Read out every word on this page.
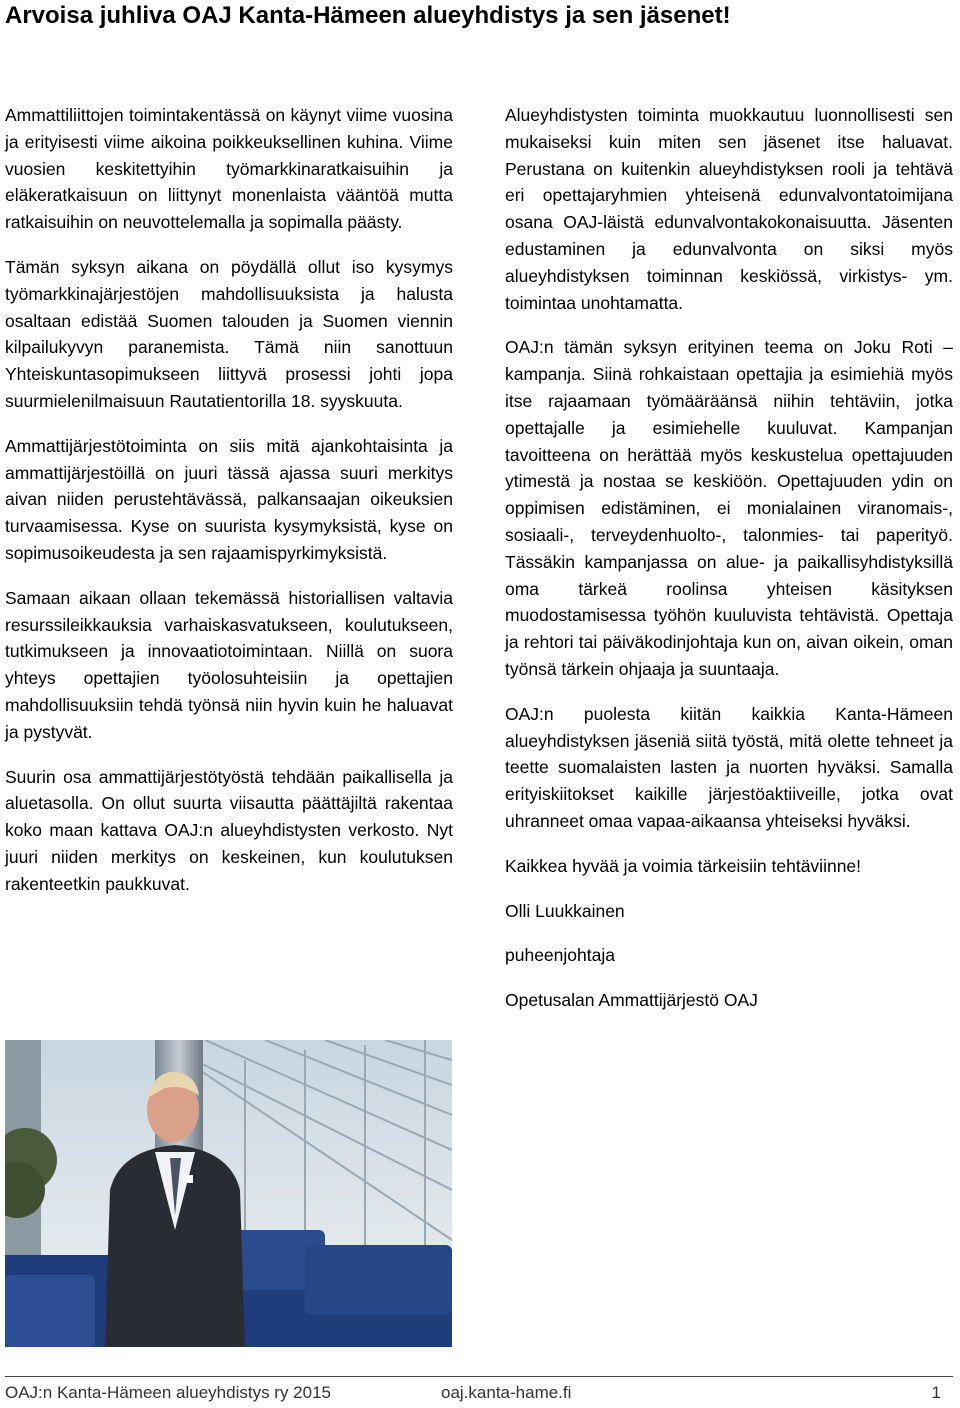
Arvoisa juhliva OAJ Kanta-Hämeen alueyhdistys ja sen jäsenet!

Ammattiliittojen toimintakentässä on käynyt viime vuosina ja erityisesti viime aikoina poikkeuksellinen kuhina. Viime vuosien keskitettyihin työmarkkinaratkaisuihin ja eläkeratkaisuun on liittynyt monenlaista vääntöä mutta ratkaisuihin on neuvottelemalla ja sopimalla päästy.

Tämän syksyn aikana on pöydällä ollut iso kysymys työmarkkinajärjestöjen mahdollisuuksista ja halusta osaltaan edistää Suomen talouden ja Suomen viennin kilpailukyvyn paranemista. Tämä niin sanottuun Yhteiskuntasopimukseen liittyvä prosessi johti jopa suurmielenilmaisuun Rautatientorilla 18. syyskuuta.

Ammattijärjestötoiminta on siis mitä ajankohtaisinta ja ammattijärjestöillä on juuri tässä ajassa suuri merkitys aivan niiden perustehtävässä, palkansaajan oikeuksien turvaamisessa. Kyse on suurista kysymyksistä, kyse on sopimusoikeudesta ja sen rajaamispyrkimyksistä.

Samaan aikaan ollaan tekemässä historiallisen valtavia resurssileikkauksia varhaiskasvatukseen, koulutukseen, tutkimukseen ja innovaatiotoimintaan. Niillä on suora yhteys opettajien työolosuhteisiin ja opettajien mahdollisuuksiin tehdä työnsä niin hyvin kuin he haluavat ja pystyvät.

Suurin osa ammattijärjestötyöstä tehdään paikallisella ja aluetasolla. On ollut suurta viisautta päättäjiltä rakentaa koko maan kattava OAJ:n alueyhdistysten verkosto. Nyt juuri niiden merkitys on keskeinen, kun koulutuksen rakenteetkin paukkuvat.

Alueyhdistysten toiminta muokkautuu luonnollisesti sen mukaiseksi kuin miten sen jäsenet itse haluavat. Perustana on kuitenkin alueyhdistyksen rooli ja tehtävä eri opettajaryhmien yhteisenä edunvalvontatoimijana osana OAJ-läistä edunvalvontakokonaisuutta. Jäsenten edustaminen ja edunvalvonta on siksi myös alueyhdistyksen toiminnan keskiössä, virkistys- ym. toimintaa unohtamatta.

OAJ:n tämän syksyn erityinen teema on Joku Roti –kampanja. Siinä rohkaistaan opettajia ja esimiehiä myös itse rajaamaan työmääräänsä niihin tehtäviin, jotka opettajalle ja esimiehelle kuuluvat. Kampanjan tavoitteena on herättää myös keskustelua opettajuuden ytimestä ja nostaa se keskiöön. Opettajuuden ydin on oppimisen edistäminen, ei monialainen viranomais-, sosiaali-, terveydenhuolto-, talonmies- tai paperityö. Tässäkin kampanjassa on alue- ja paikallisyhdistyksillä oma tärkeä roolinsa yhteisen käsityksen muodostamisessa työhön kuuluvista tehtävistä. Opettaja ja rehtori tai päiväkodinjohtaja kun on, aivan oikein, oman työnsä tärkein ohjaaja ja suuntaaja.

OAJ:n puolesta kiitän kaikkia Kanta-Hämeen alueyhdistyksen jäseniä siitä työstä, mitä olette tehneet ja teette suomalaisten lasten ja nuorten hyväksi. Samalla erityiskiitokset kaikille järjestöaktiiveille, jotka ovat uhranneet omaa vapaa-aikaansa yhteiseksi hyväksi.

Kaikkea hyvää ja voimia tärkeisiin tehtäviinne!

Olli Luukkainen

puheenjohtaja

Opetusalan Ammattijärjestö OAJ

OAJ:n Kanta-Hämeen alueyhdistys ry 2015	oaj.kanta-hame.fi	1
